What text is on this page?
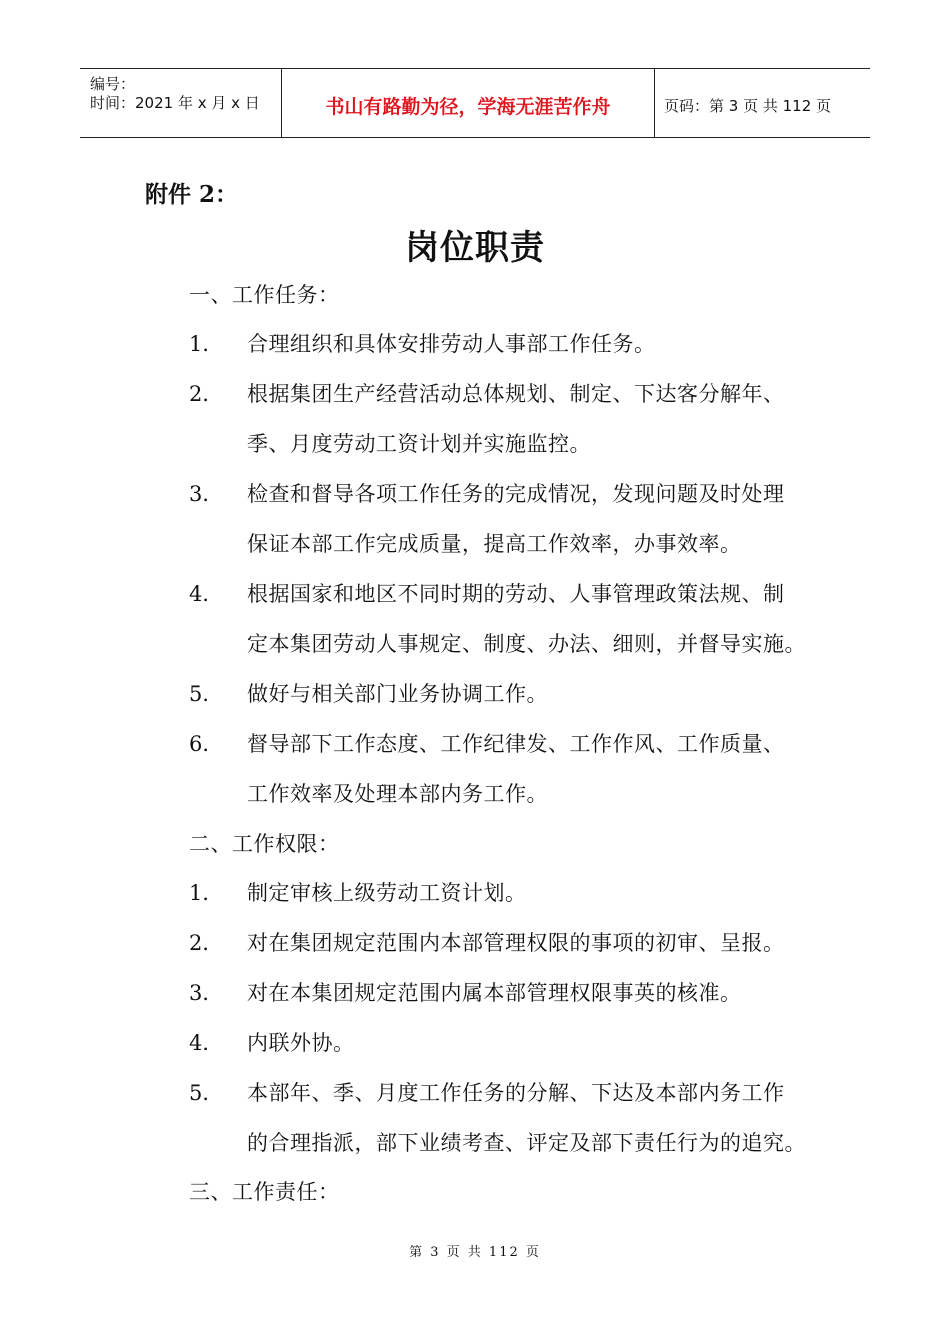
编号：
时间：2021 年 x 月 x 日	书山有路勤为径，学海无涯苦作舟	页码：第 3 页 共 112 页
附件 2：
岗位职责
一、工作任务：
1． 合理组织和具体安排劳动人事部工作任务。
2． 根据集团生产经营活动总体规划、制定、下达客分解年、
季、月度劳动工资计划并实施监控。
3． 检查和督导各项工作任务的完成情况，发现问题及时处理
保证本部工作完成质量，提高工作效率，办事效率。
4． 根据国家和地区不同时期的劳动、人事管理政策法规、制
定本集团劳动人事规定、制度、办法、细则，并督导实施。
5． 做好与相关部门业务协调工作。
6． 督导部下工作态度、工作纪律发、工作作风、工作质量、
工作效率及处理本部内务工作。
二、工作权限：
1． 制定审核上级劳动工资计划。
2． 对在集团规定范围内本部管理权限的事项的初审、呈报。
3． 对在本集团规定范围内属本部管理权限事英的核准。
4． 内联外协。
5． 本部年、季、月度工作任务的分解、下达及本部内务工作
的合理指派，部下业绩考查、评定及部下责任行为的追究。
三、工作责任：
第 3 页 共 112 页
